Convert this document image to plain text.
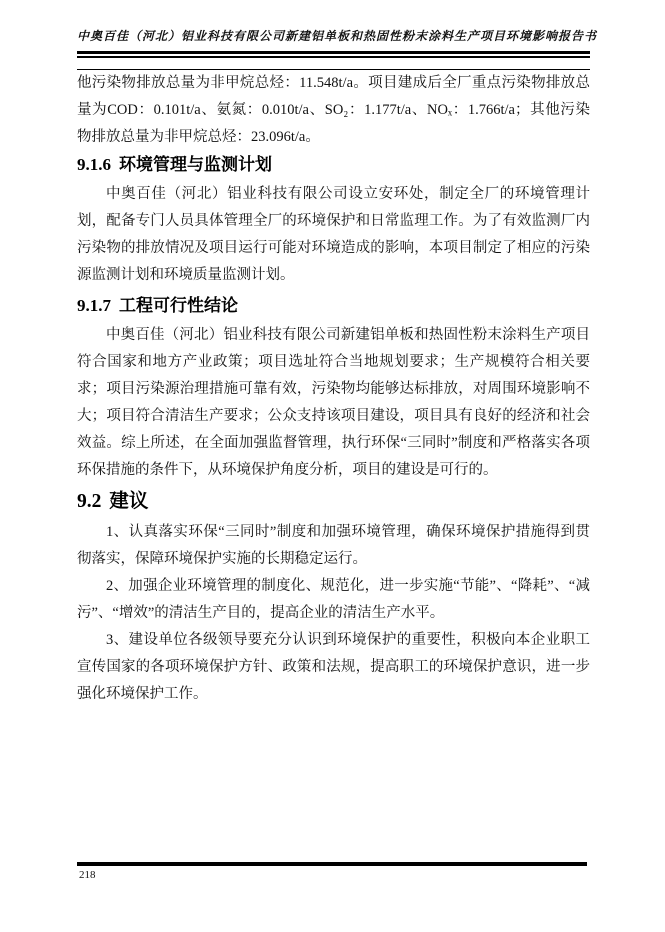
中奥百佳（河北）铝业科技有限公司新建铝单板和热固性粉末涂料生产项目环境影响报告书

他污染物排放总量为非甲烷总烃：11.548t/a。项目建成后全厂重点污染物排放总量为COD：0.101t/a、氨氮：0.010t/a、SO₂：1.177t/a、NOₓ：1.766t/a；其他污染物排放总量为非甲烷总烃：23.096t/a。

9.1.6 环境管理与监测计划

中奥百佳（河北）铝业科技有限公司设立安环处，制定全厂的环境管理计划，配备专门人员具体管理全厂的环境保护和日常监理工作。为了有效监测厂内污染物的排放情况及项目运行可能对环境造成的影响，本项目制定了相应的污染源监测计划和环境质量监测计划。

9.1.7 工程可行性结论

中奥百佳（河北）铝业科技有限公司新建铝单板和热固性粉末涂料生产项目符合国家和地方产业政策；项目选址符合当地规划要求；生产规模符合相关要求；项目污染源治理措施可靠有效，污染物均能够达标排放，对周围环境影响不大；项目符合清洁生产要求；公众支持该项目建设，项目具有良好的经济和社会效益。综上所述，在全面加强监督管理，执行环保“三同时”制度和严格落实各项环保措施的条件下，从环境保护角度分析，项目的建设是可行的。

9.2 建议

1、认真落实环保“三同时”制度和加强环境管理，确保环境保护措施得到贯彻落实，保障环境保护实施的长期稳定运行。

2、加强企业环境管理的制度化、规范化，进一步实施“节能”、“降耗”、“减污”、“增效”的清洁生产目的，提高企业的清洁生产水平。

3、建设单位各级领导要充分认识到环境保护的重要性，积极向本企业职工宣传国家的各项环境保护方针、政策和法规，提高职工的环境保护意识，进一步强化环境保护工作。

218
